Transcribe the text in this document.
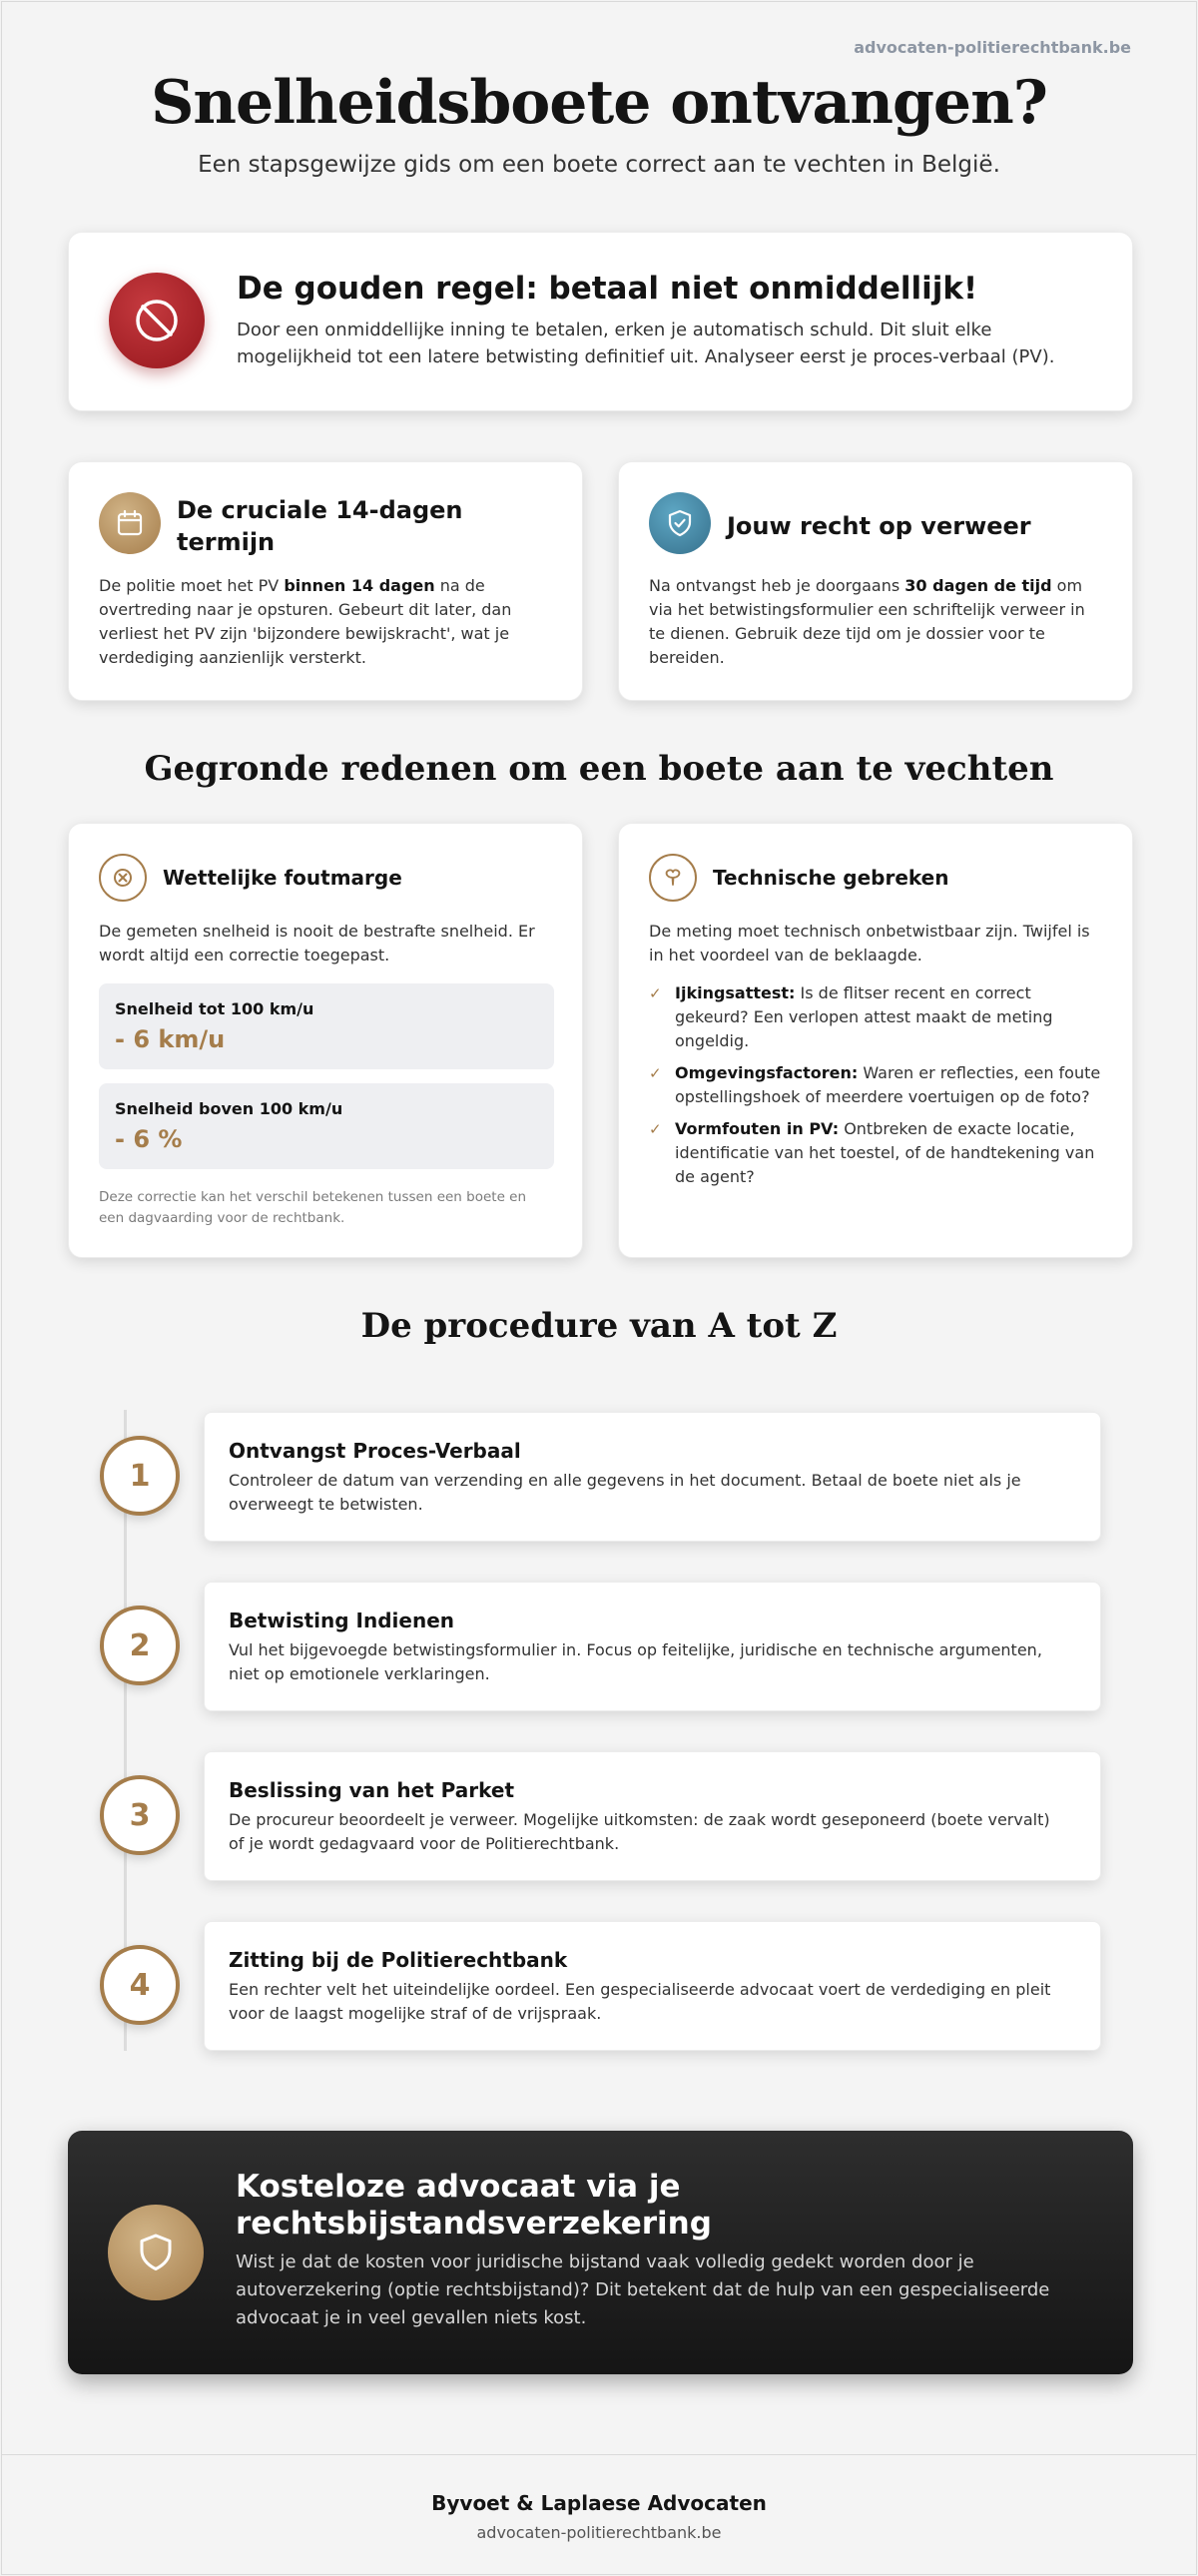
advocaten-politierechtbank.be
Snelheidsboete ontvangen?
Een stapsgewijze gids om een boete correct aan te vechten in België.
De gouden regel: betaal niet onmiddellijk!
Door een onmiddellijke inning te betalen, erken je automatisch schuld. Dit sluit elke mogelijkheid tot een latere betwisting definitief uit. Analyseer eerst je proces-verbaal (PV).
De cruciale 14-dagen termijn
De politie moet het PV binnen 14 dagen na de overtreding naar je opsturen. Gebeurt dit later, dan verliest het PV zijn 'bijzondere bewijskracht', wat je verdediging aanzienlijk versterkt.
Jouw recht op verweer
Na ontvangst heb je doorgaans 30 dagen de tijd om via het betwistingsformulier een schriftelijk verweer in te dienen. Gebruik deze tijd om je dossier voor te bereiden.
Gegronde redenen om een boete aan te vechten
Wettelijke foutmarge
De gemeten snelheid is nooit de bestrafte snelheid. Er wordt altijd een correctie toegepast.
Snelheid tot 100 km/u
- 6 km/u
Snelheid boven 100 km/u
- 6 %
Deze correctie kan het verschil betekenen tussen een boete en een dagvaarding voor de rechtbank.
Technische gebreken
De meting moet technisch onbetwistbaar zijn. Twijfel is in het voordeel van de beklaagde.
✓ Ijkingsattest: Is de flitser recent en correct gekeurd? Een verlopen attest maakt de meting ongeldig.
✓ Omgevingsfactoren: Waren er reflecties, een foute opstellingshoek of meerdere voertuigen op de foto?
✓ Vormfouten in PV: Ontbreken de exacte locatie, identificatie van het toestel, of de handtekening van de agent?
De procedure van A tot Z
1
Ontvangst Proces-Verbaal
Controleer de datum van verzending en alle gegevens in het document. Betaal de boete niet als je overweegt te betwisten.
2
Betwisting Indienen
Vul het bijgevoegde betwistingsformulier in. Focus op feitelijke, juridische en technische argumenten, niet op emotionele verklaringen.
3
Beslissing van het Parket
De procureur beoordeelt je verweer. Mogelijke uitkomsten: de zaak wordt geseponeerd (boete vervalt) of je wordt gedagvaard voor de Politierechtbank.
4
Zitting bij de Politierechtbank
Een rechter velt het uiteindelijke oordeel. Een gespecialiseerde advocaat voert de verdediging en pleit voor de laagst mogelijke straf of de vrijspraak.
Kosteloze advocaat via je rechtsbijstandsverzekering
Wist je dat de kosten voor juridische bijstand vaak volledig gedekt worden door je autoverzekering (optie rechtsbijstand)? Dit betekent dat de hulp van een gespecialiseerde advocaat je in veel gevallen niets kost.
Byvoet & Laplaese Advocaten
advocaten-politierechtbank.be
